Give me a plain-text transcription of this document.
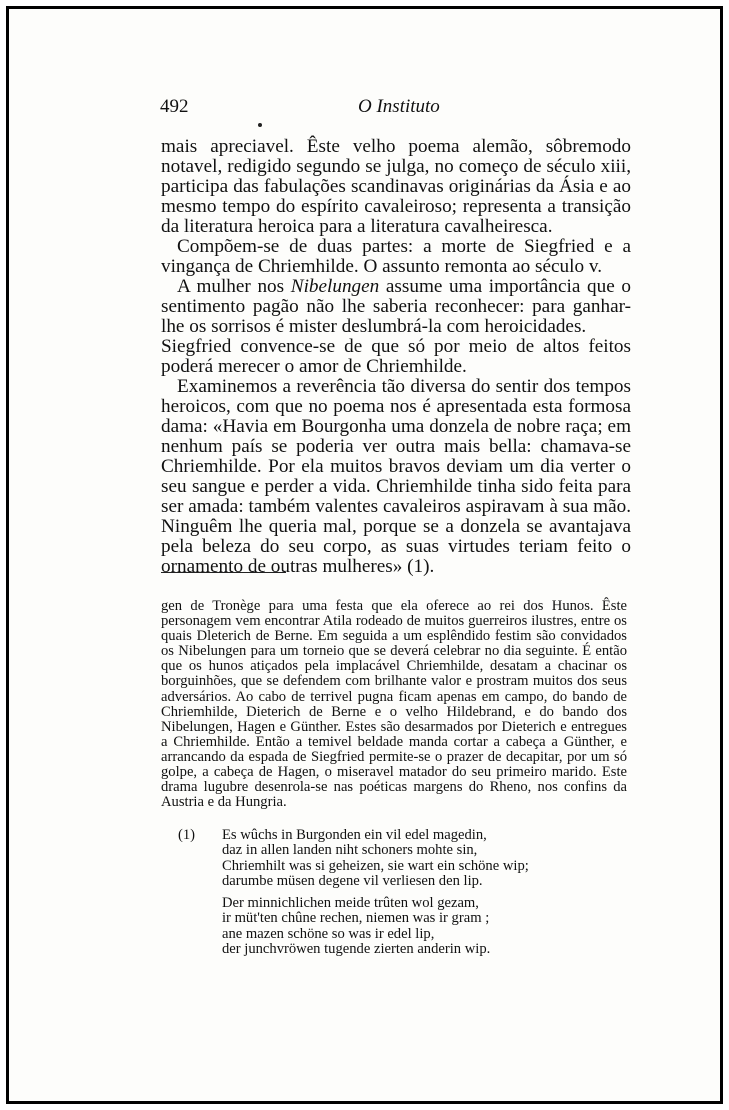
492	O Instituto

mais apreciavel. Êste velho poema alemão, sôbremodo notavel, redigido segundo se julga, no começo de século xiii, participa das fabulações scandinavas originárias da Ásia e ao mesmo tempo do espírito cavaleiroso; representa a transição da literatura heroica para a literatura cavalheiresca.

Compõem-se de duas partes: a morte de Siegfried e a vingança de Chriemhilde. O assunto remonta ao século v.

A mulher nos Nibelungen assume uma importância que o sentimento pagão não lhe saberia reconhecer: para ganhar-lhe os sorrisos é mister deslumbrá-la com heroicidades.

Siegfried convence-se de que só por meio de altos feitos poderá merecer o amor de Chriemhilde.

Examinemos a reverência tão diversa do sentir dos tempos heroicos, com que no poema nos é apresentada esta formosa dama: «Havia em Bourgonha uma donzela de nobre raça; em nenhum país se poderia ver outra mais bella: chamava-se Chriemhilde. Por ela muitos bravos deviam um dia verter o seu sangue e perder a vida. Chriemhilde tinha sido feita para ser amada: também valentes cavaleiros aspiravam à sua mão. Ninguêm lhe queria mal, porque se a donzela se avantajava pela beleza do seu corpo, as suas virtudes teriam feito o ornamento de outras mulheres» (1).

gen de Tronège para uma festa que ela oferece ao rei dos Hunos. Êste personagem vem encontrar Atila rodeado de muitos guerreiros ilustres, entre os quais Dleterich de Berne. Em seguida a um esplêndido festim são convidados os Nibelungen para um torneio que se deverá celebrar no dia seguinte. É então que os hunos atiçados pela implacável Chriemhilde, desatam a chacinar os borguinhões, que se defendem com brilhante valor e prostram muitos dos seus adversários. Ao cabo de terrivel pugna ficam apenas em campo, do bando de Chriemhilde, Dieterich de Berne e o velho Hildebrand, e do bando dos Nibelungen, Hagen e Günther. Estes são desarmados por Dieterich e entregues a Chriemhilde. Então a temivel beldade manda cortar a cabeça a Günther, e arrancando da espada de Siegfried permite-se o prazer de decapitar, por um só golpe, a cabeça de Hagen, o miseravel matador do seu primeiro marido. Este drama lugubre desenrola-se nas poéticas margens do Rheno, nos confins da Austria e da Hungria.

(1) Es wûchs in Burgonden ein vil edel magedin,
daz in allen landen niht schoners mohte sin,
Chriemhilt was si geheizen, sie wart ein schöne wip;
darumbe müsen degene vil verliesen den lip.
Der minnichlichen meide trûten wol gezam,
ir müt'ten chûne rechen, niemen was ir gram ;
ane mazen schöne so was ir edel lip,
der junchvröwen tugende zierten anderin wip.
